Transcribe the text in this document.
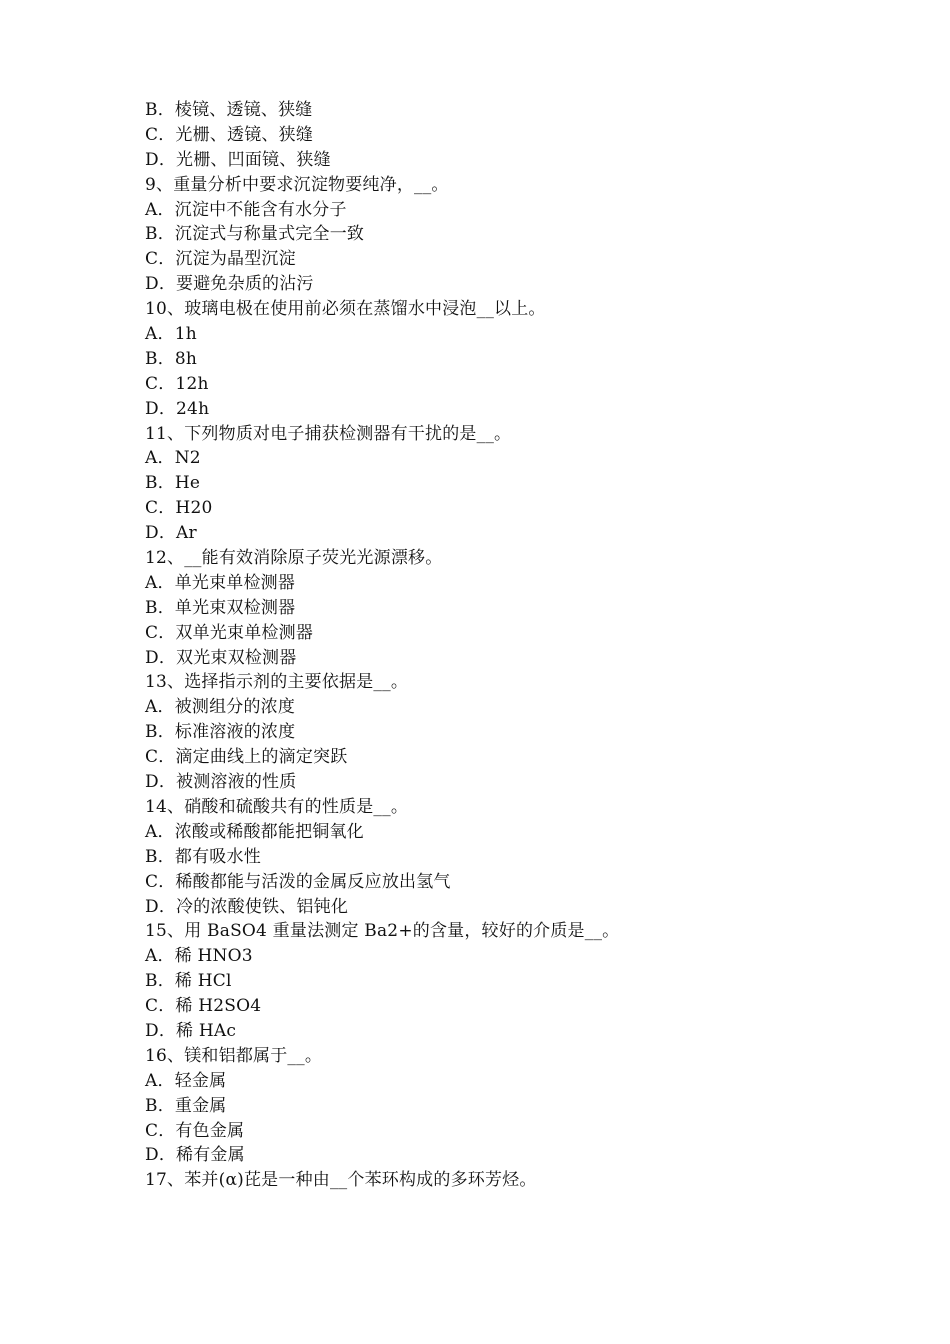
B．棱镜、透镜、狭缝
C．光栅、透镜、狭缝
D．光栅、凹面镜、狭缝
9、重量分析中要求沉淀物要纯净，__。
A．沉淀中不能含有水分子
B．沉淀式与称量式完全一致
C．沉淀为晶型沉淀
D．要避免杂质的沾污
10、玻璃电极在使用前必须在蒸馏水中浸泡__以上。
A．1h
B．8h
C．12h
D．24h
11、下列物质对电子捕获检测器有干扰的是__。
A．N2
B．He
C．H20
D．Ar
12、__能有效消除原子荧光光源漂移。
A．单光束单检测器
B．单光束双检测器
C．双单光束单检测器
D．双光束双检测器
13、选择指示剂的主要依据是__。
A．被测组分的浓度
B．标准溶液的浓度
C．滴定曲线上的滴定突跃
D．被测溶液的性质
14、硝酸和硫酸共有的性质是__。
A．浓酸或稀酸都能把铜氧化
B．都有吸水性
C．稀酸都能与活泼的金属反应放出氢气
D．冷的浓酸使铁、铝钝化
15、用 BaSO4 重量法测定 Ba2+的含量，较好的介质是__。
A．稀 HNO3
B．稀 HCl
C．稀 H2SO4
D．稀 HAc
16、镁和铝都属于__。
A．轻金属
B．重金属
C．有色金属
D．稀有金属
17、苯并(α)芘是一种由__个苯环构成的多环芳烃。
